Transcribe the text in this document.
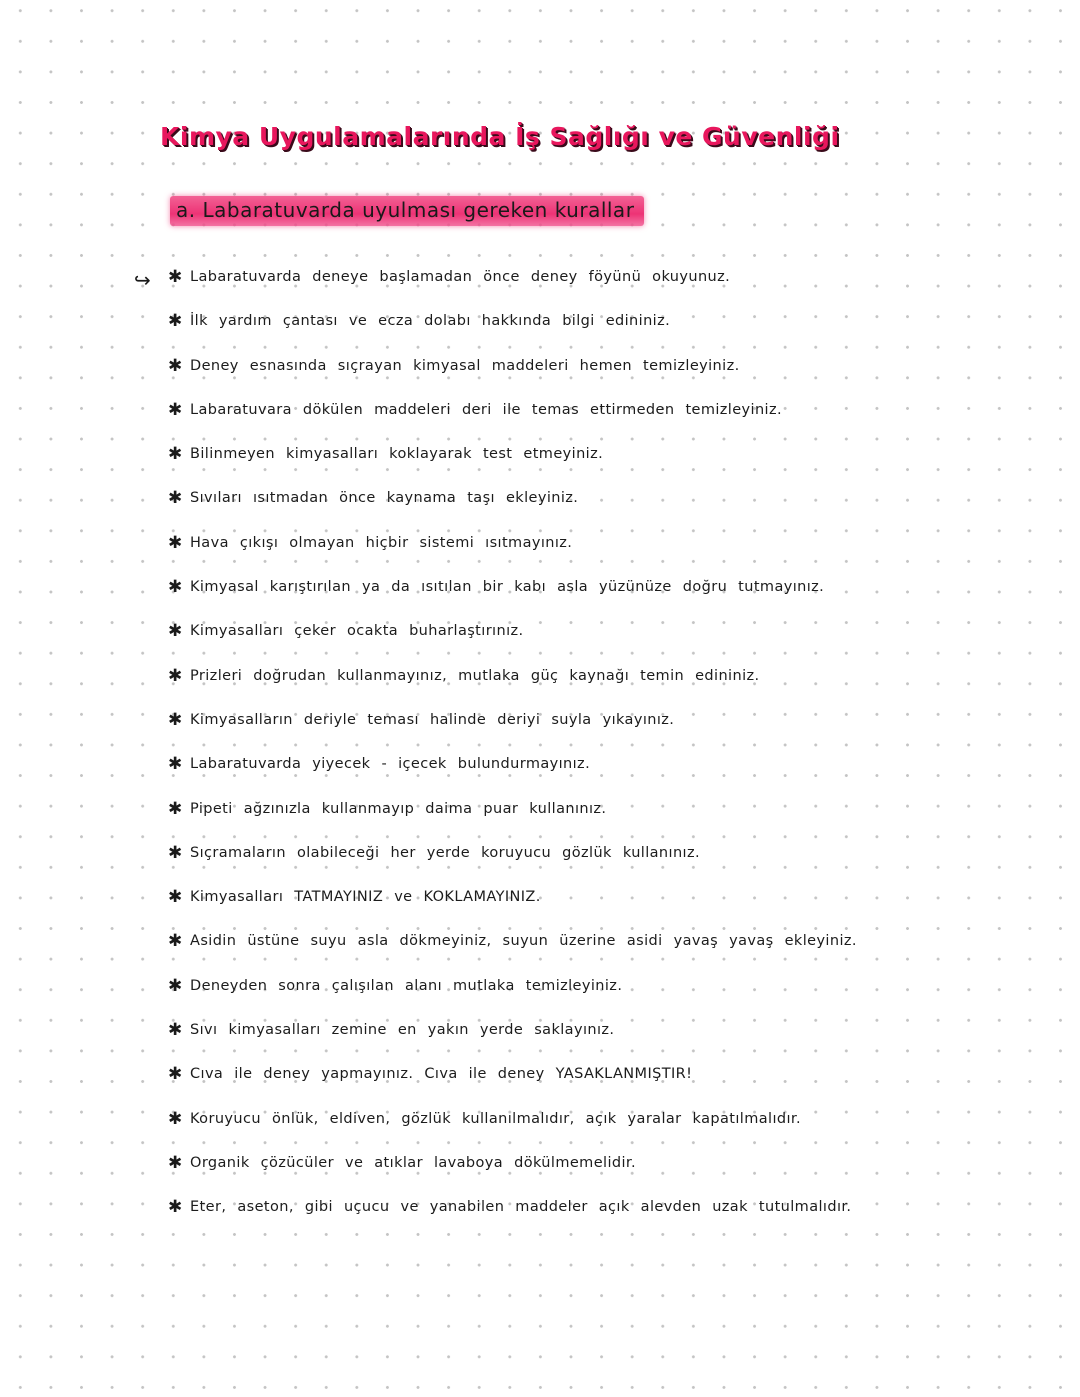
Kimya Uygulamalarında İş Sağlığı ve Güvenliği
a. Labaratuvarda uyulması gereken kurallar
↪ ✱ Labaratuvarda deneye başlamadan önce deney föyünü okuyunuz.
✱ İlk yardım çantası ve ecza dolabı hakkında bilgi edininiz.
✱ Deney esnasında sıçrayan kimyasal maddeleri hemen temizleyiniz.
✱ Labaratuvara dökülen maddeleri deri ile temas ettirmeden temizleyiniz.
✱ Bilinmeyen kimyasalları koklayarak test etmeyiniz.
✱ Sıvıları ısıtmadan önce kaynama taşı ekleyiniz.
✱ Hava çıkışı olmayan hiçbir sistemi ısıtmayınız.
✱ Kimyasal karıştırılan ya da ısıtılan bir kabı asla yüzünüze doğru tutmayınız.
✱ Kimyasalları çeker ocakta buharlaştırınız.
✱ Prizleri doğrudan kullanmayınız, mutlaka güç kaynağı temin edininiz.
✱ Kimyasalların deriyle teması halinde deriyi suyla yıkayınız.
✱ Labaratuvarda yiyecek - içecek bulundurmayınız.
✱ Pipeti ağzınızla kullanmayıp daima puar kullanınız.
✱ Sıçramaların olabileceği her yerde koruyucu gözlük kullanınız.
✱ Kimyasalları TATMAYINIZ ve KOKLAMAYINIZ.
✱ Asidin üstüne suyu asla dökmeyiniz, suyun üzerine asidi yavaş yavaş ekleyiniz.
✱ Deneyden sonra çalışılan alanı mutlaka temizleyiniz.
✱ Sıvı kimyasalları zemine en yakın yerde saklayınız.
✱ Cıva ile deney yapmayınız. Cıva ile deney YASAKLANMIŞTIR!
✱ Koruyucu önlük, eldiven, gözlük kullanılmalıdır, açık yaralar kapatılmalıdır.
✱ Organik çözücüler ve atıklar lavaboya dökülmemelidir.
✱ Eter, aseton, gibi uçucu ve yanabilen maddeler açık alevden uzak tutulmalıdır.
